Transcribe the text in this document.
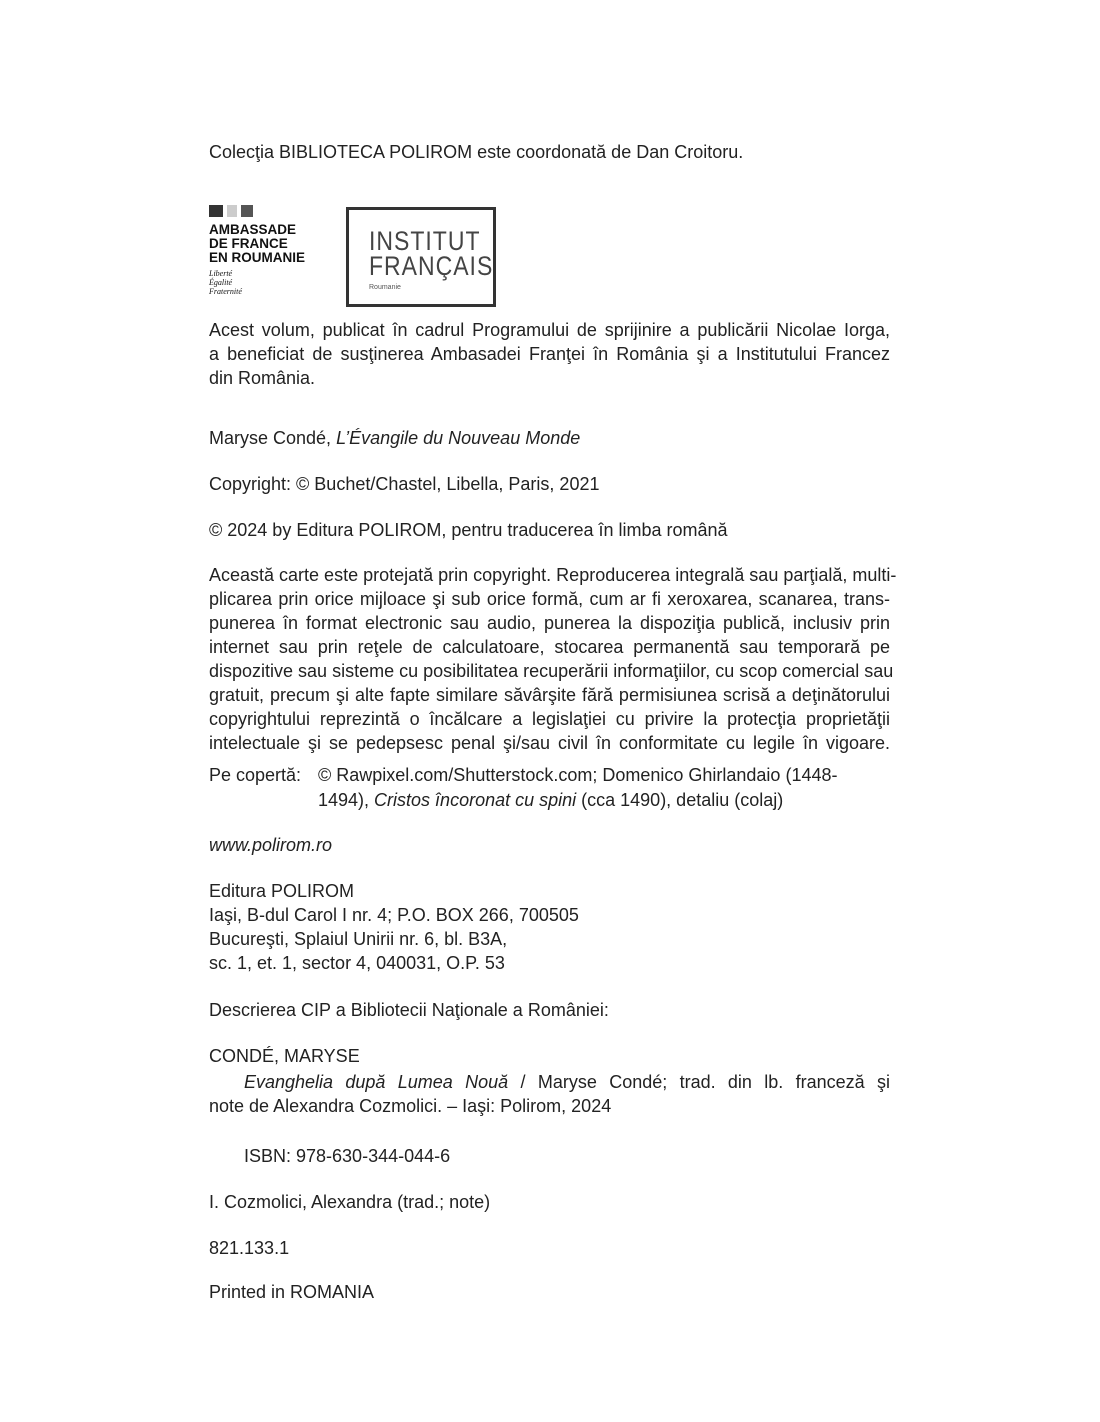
Colecţia BIBLIOTECA POLIROM este coordonată de Dan Croitoru.
AMBASSADE
DE FRANCE
EN ROUMANIE
Liberté
Égalité
Fraternité
INSTITUT
FRANÇAIS
Roumanie
Acest volum, publicat în cadrul Programului de sprijinire a publicării Nicolae Iorga,
a beneficiat de susţinerea Ambasadei Franţei în România şi a Institutului Francez
din România.
Maryse Condé, L’Évangile du Nouveau Monde
Copyright: © Buchet/Chastel, Libella, Paris, 2021
© 2024 by Editura POLIROM, pentru traducerea în limba română
Această carte este protejată prin copyright. Reproducerea integrală sau parţială, multi-
plicarea prin orice mijloace şi sub orice formă, cum ar fi xeroxarea, scanarea, trans-
punerea în format electronic sau audio, punerea la dispoziţia publică, inclusiv prin
internet sau prin reţele de calculatoare, stocarea permanentă sau temporară pe
dispozitive sau sisteme cu posibilitatea recuperării informaţiilor, cu scop comercial sau
gratuit, precum şi alte fapte similare săvârşite fără permisiunea scrisă a deţinătorului
copyrightului reprezintă o încălcare a legislaţiei cu privire la protecţia proprietăţii
intelectuale şi se pedepsesc penal şi/sau civil în conformitate cu legile în vigoare.
Pe copertă: © Rawpixel.com/Shutterstock.com; Domenico Ghirlandaio (1448-
1494), Cristos încoronat cu spini (cca 1490), detaliu (colaj)
www.polirom.ro
Editura POLIROM
Iaşi, B-dul Carol I nr. 4; P.O. BOX 266, 700505
Bucureşti, Splaiul Unirii nr. 6, bl. B3A,
sc. 1, et. 1, sector 4, 040031, O.P. 53
Descrierea CIP a Bibliotecii Naţionale a României:
CONDÉ, MARYSE
Evanghelia după Lumea Nouă / Maryse Condé; trad. din lb. franceză şi
note de Alexandra Cozmolici. – Iaşi: Polirom, 2024
ISBN: 978-630-344-044-6
I. Cozmolici, Alexandra (trad.; note)
821.133.1
Printed in ROMANIA
